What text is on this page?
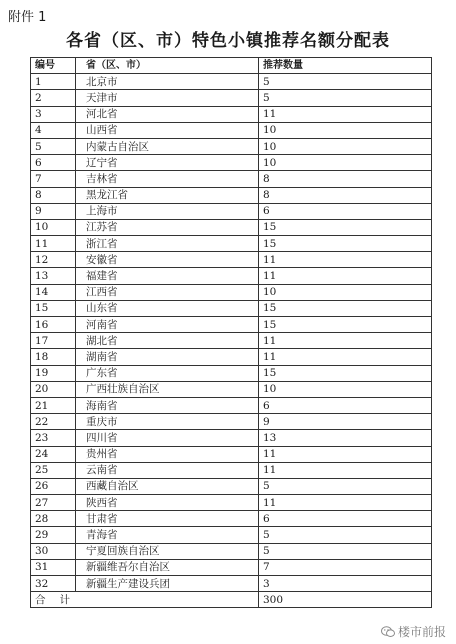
附件 1
各省（区、市）特色小镇推荐名额分配表
编号	省（区、市）	推荐数量
1	北京市	5
2	天津市	5
3	河北省	11
4	山西省	10
5	内蒙古自治区	10
6	辽宁省	10
7	吉林省	8
8	黑龙江省	8
9	上海市	6
10	江苏省	15
11	浙江省	15
12	安徽省	11
13	福建省	11
14	江西省	10
15	山东省	15
16	河南省	15
17	湖北省	11
18	湖南省	11
19	广东省	15
20	广西壮族自治区	10
21	海南省	6
22	重庆市	9
23	四川省	13
24	贵州省	11
25	云南省	11
26	西藏自治区	5
27	陕西省	11
28	甘肃省	6
29	青海省	5
30	宁夏回族自治区	5
31	新疆维吾尔自治区	7
32	新疆生产建设兵团	3
合计		300
楼市前报
